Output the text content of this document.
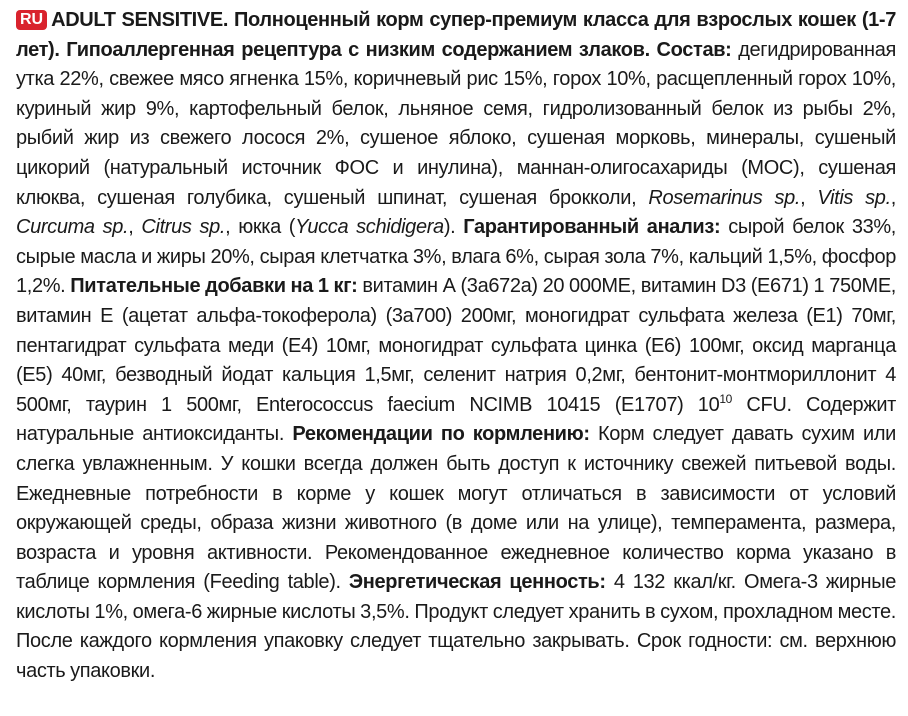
RU ADULT SENSITIVE. Полноценный корм супер-премиум класса для взрослых кошек (1-7 лет). Гипоаллергенная рецептура с низким содержанием злаков. Состав: дегидрированная утка 22%, свежее мясо ягненка 15%, коричневый рис 15%, горох 10%, расщепленный горох 10%, куриный жир 9%, картофельный белок, льняное семя, гидролизованный белок из рыбы 2%, рыбий жир из свежего лосося 2%, сушеное яблоко, сушеная морковь, минералы, сушеный цикорий (натуральный источник ФОС и инулина), маннан-олигосахариды (МОС), сушеная клюква, сушеная голубика, сушеный шпинат, сушеная брокколи, Rosemarinus sp., Vitis sp., Curcuma sp., Citrus sp., юкка (Yucca schidigera). Гарантированный анализ: сырой белок 33%, сырые масла и жиры 20%, сырая клетчатка 3%, влага 6%, сырая зола 7%, кальций 1,5%, фосфор 1,2%. Питательные добавки на 1 кг: витамин А (3a672a) 20 000МЕ, витамин D3 (Е671) 1 750МЕ, витамин Е (ацетат альфа-токоферола) (3a700) 200мг, моногидрат сульфата железа (Е1) 70мг, пентагидрат сульфата меди (Е4) 10мг, моногидрат сульфата цинка (Е6) 100мг, оксид марганца (Е5) 40мг, безводный йодат кальция 1,5мг, селенит натрия 0,2мг, бентонит-монтмориллонит 4 500мг, таурин 1 500мг, Enterococcus faecium NCIMB 10415 (E1707) $10^{10}$ CFU. Содержит натуральные антиоксиданты. Рекомендации по кормлению: Корм следует давать сухим или слегка увлажненным. У кошки всегда должен быть доступ к источнику свежей питьевой воды. Ежедневные потребности в корме у кошек могут отличаться в зависимости от условий окружающей среды, образа жизни животного (в доме или на улице), темперамента, размера, возраста и уровня активности. Рекомендованное ежедневное количество корма указано в таблице кормления (Feeding table). Энергетическая ценность: 4 132 ккал/кг. Омега-3 жирные кислоты 1%, омега-6 жирные кислоты 3,5%. Продукт следует хранить в сухом, прохладном месте. После каждого кормления упаковку следует тщательно закрывать. Срок годности: см. верхнюю часть упаковки.
